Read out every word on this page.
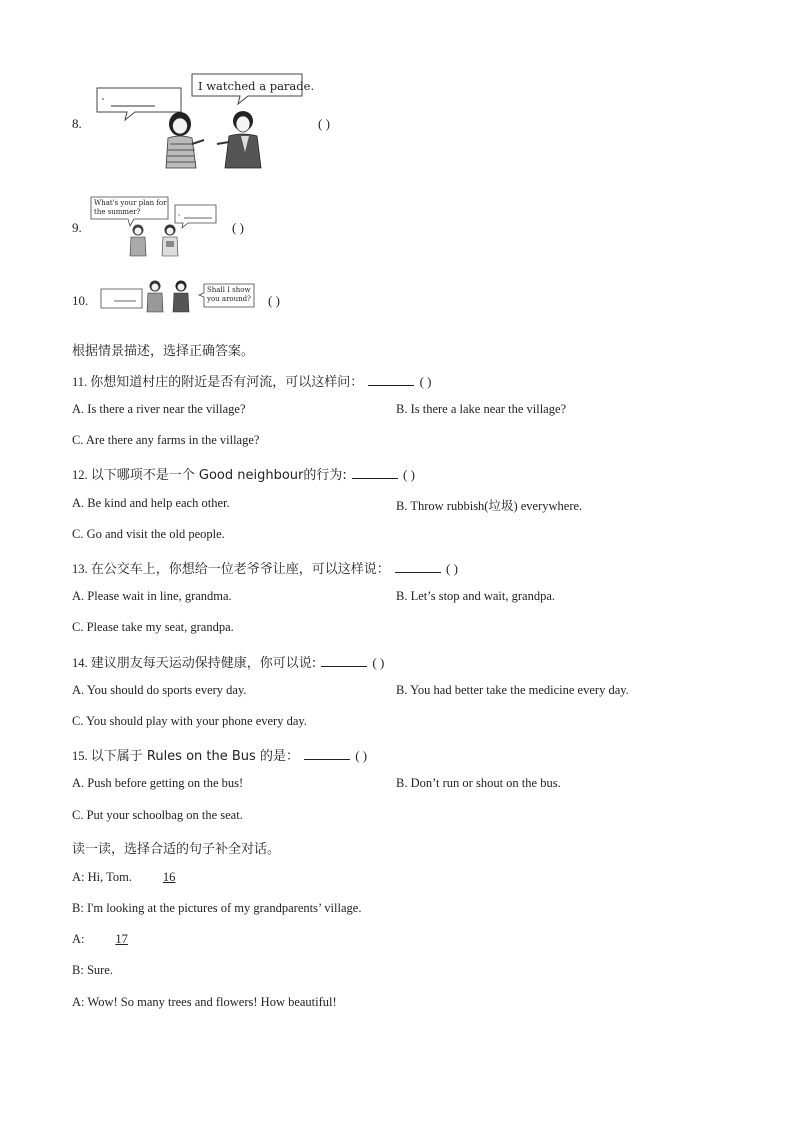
8.
I watched a parade.
( )
9.
What's your plan for
the summer?
( )
10.
Shall I show
you around? ( )
根据情景描述，选择正确答案。
11. 你想知道村庄的附近是否有河流，可以这样问：	( )
A. Is there a river near the village?	B. Is there a lake near the village?
C. Are there any farms in the village?
12. 以下哪项不是一个 Good neighbour的行为:	( )
A. Be kind and help each other.	B. Throw rubbish(垃圾) everywhere.
C. Go and visit the old people.
13. 在公交车上，你想给一位老爷爷让座，可以这样说：	( )
A. Please wait in line, grandma.	B. Let’s stop and wait, grandpa.
C. Please take my seat, grandpa.
14. 建议朋友每天运动保持健康，你可以说:	( )
A. You should do sports every day.	B. You had better take the medicine every day.
C. You should play with your phone every day.
15. 以下属于 Rules on the Bus 的是：	( )
A. Push before getting on the bus!	B. Don’t run or shout on the bus.
C. Put your schoolbag on the seat.
读一读，选择合适的句子补全对话。
A: Hi, Tom. 16
B: I'm looking at the pictures of my grandparents’ village.
A: 17
B: Sure.
A: Wow! So many trees and flowers! How beautiful!
